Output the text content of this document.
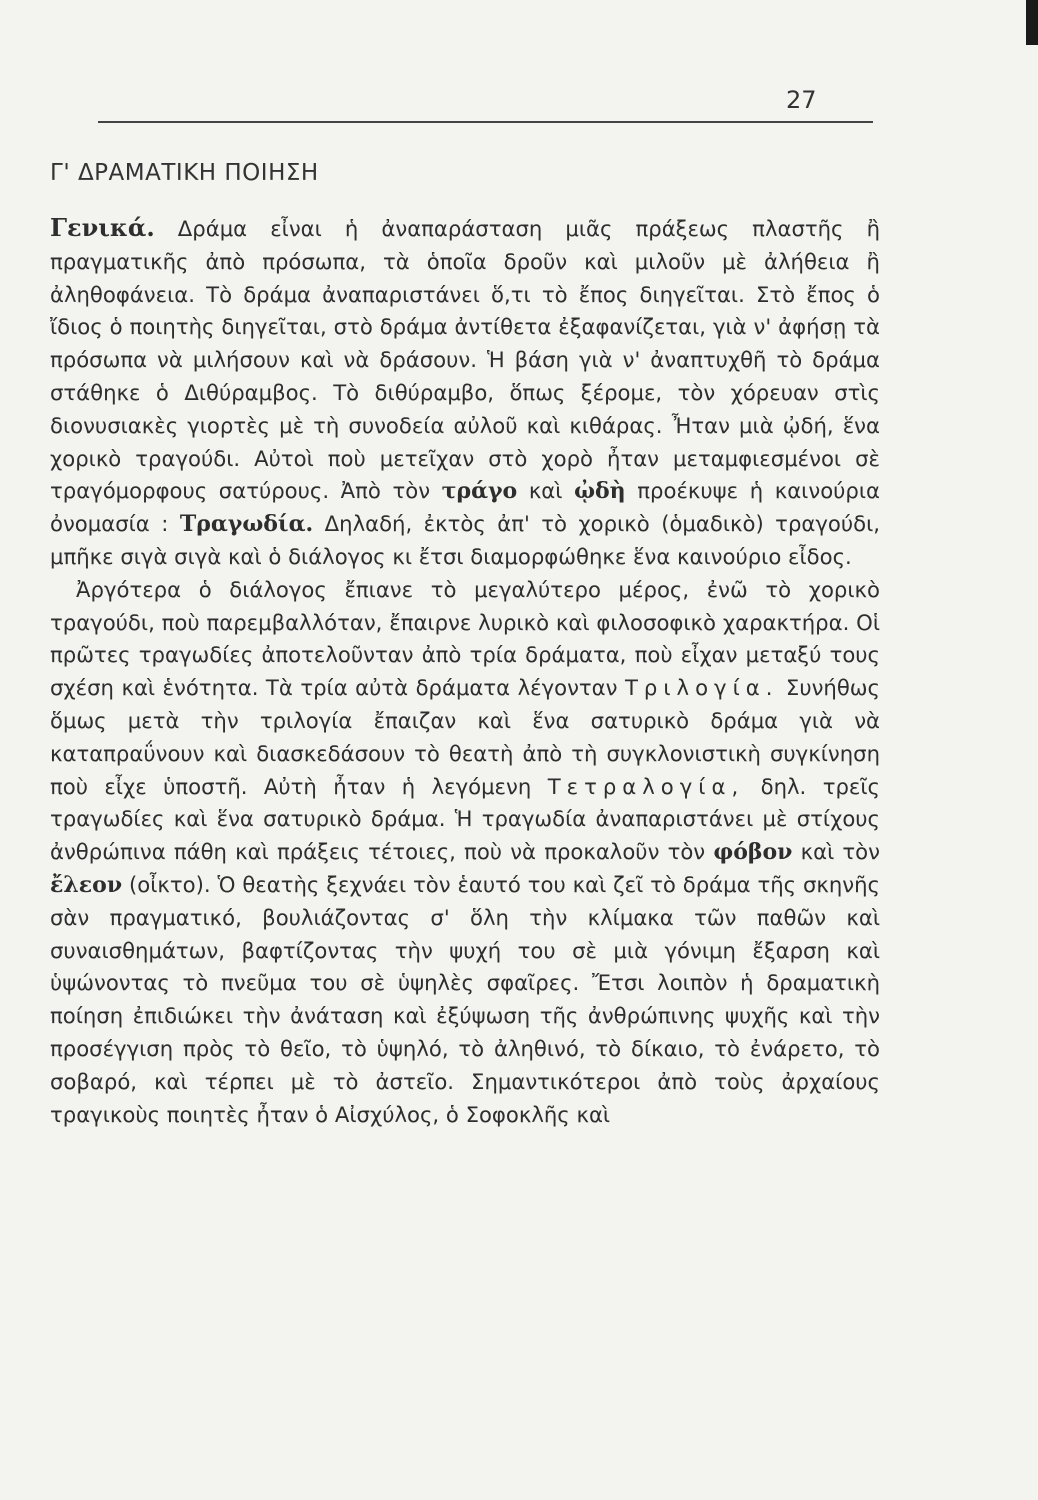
27
Γ' ΔΡΑΜΑΤΙΚΗ ΠΟΙΗΣΗ

Γενικά. Δράμα εἶναι ἡ ἀναπαράσταση μιᾶς πράξεως πλαστῆς ἢ πραγματικῆς ἀπὸ πρόσωπα, τὰ ὁποῖα δροῦν καὶ μιλοῦν μὲ ἀλήθεια ἢ ἀληθοφάνεια. Τὸ δράμα ἀναπαριστάνει ὅ,τι τὸ ἔπος διηγεῖται. Στὸ ἔπος ὁ ἴδιος ὁ ποιητὴς διηγεῖται, στὸ δράμα ἀντίθετα ἐξαφανίζεται, γιὰ ν' ἀφήσῃ τὰ πρόσωπα νὰ μιλήσουν καὶ νὰ δράσουν. Ἡ βάση γιὰ ν' ἀναπτυχθῆ τὸ δράμα στάθηκε ὁ Διθύραμβος. Τὸ διθύραμβο, ὅπως ξέρομε, τὸν χόρευαν στὶς διονυσιακὲς γιορτὲς μὲ τὴ συνοδεία αὐλοῦ καὶ κιθάρας. Ἦταν μιὰ ᾠδή, ἕνα χορικὸ τραγούδι. Αὐτοὶ ποὺ μετεῖχαν στὸ χορὸ ἦταν μεταμφιεσμένοι σὲ τραγόμορφους σατύρους. Ἀπὸ τὸν τράγο καὶ ᾠδὴ προέκυψε ἡ καινούρια ὀνομασία : Τραγωδία. Δηλαδή, ἐκτὸς ἀπ' τὸ χορικὸ (ὁμαδικὸ) τραγούδι, μπῆκε σιγὰ σιγὰ καὶ ὁ διάλογος κι ἔτσι διαμορφώθηκε ἕνα καινούριο εἶδος.

Ἀργότερα ὁ διάλογος ἔπιανε τὸ μεγαλύτερο μέρος, ἐνῶ τὸ χορικὸ τραγούδι, ποὺ παρεμβαλλόταν, ἔπαιρνε λυρικὸ καὶ φιλοσοφικὸ χαρακτήρα. Οἱ πρῶτες τραγωδίες ἀποτελοῦνταν ἀπὸ τρία δράματα, ποὺ εἶχαν μεταξύ τους σχέση καὶ ἑνότητα. Τὰ τρία αὐτὰ δράματα λέγονταν Τριλογία. Συνήθως ὅμως μετὰ τὴν τριλογία ἔπαιζαν καὶ ἕνα σατυρικὸ δράμα γιὰ νὰ καταπραΰνουν καὶ διασκεδάσουν τὸ θεατὴ ἀπὸ τὴ συγκλονιστικὴ συγκίνηση ποὺ εἶχε ὑποστῆ. Αὐτὴ ἦταν ἡ λεγόμενη Τετραλογία, δηλ. τρεῖς τραγωδίες καὶ ἕνα σατυρικὸ δράμα. Ἡ τραγωδία ἀναπαριστάνει μὲ στίχους ἀνθρώπινα πάθη καὶ πράξεις τέτοιες, ποὺ νὰ προκαλοῦν τὸν φόβον καὶ τὸν ἔλεον (οἶκτο). Ὁ θεατὴς ξεχνάει τὸν ἑαυτό του καὶ ζεῖ τὸ δράμα τῆς σκηνῆς σὰν πραγματικό, βουλιάζοντας σ' ὅλη τὴν κλίμακα τῶν παθῶν καὶ συναισθημάτων, βαφτίζοντας τὴν ψυχή του σὲ μιὰ γόνιμη ἔξαρση καὶ ὑψώνοντας τὸ πνεῦμα του σὲ ὑψηλὲς σφαῖρες. Ἔτσι λοιπὸν ἡ δραματικὴ ποίηση ἐπιδιώκει τὴν ἀνάταση καὶ ἐξύψωση τῆς ἀνθρώπινης ψυχῆς καὶ τὴν προσέγγιση πρὸς τὸ θεῖο, τὸ ὑψηλό, τὸ ἀληθινό, τὸ δίκαιο, τὸ ἐνάρετο, τὸ σοβαρό, καὶ τέρπει μὲ τὸ ἀστεῖο. Σημαντικότεροι ἀπὸ τοὺς ἀρχαίους τραγικοὺς ποιητὲς ἦταν ὁ Αἰσχύλος, ὁ Σοφοκλῆς καὶ
